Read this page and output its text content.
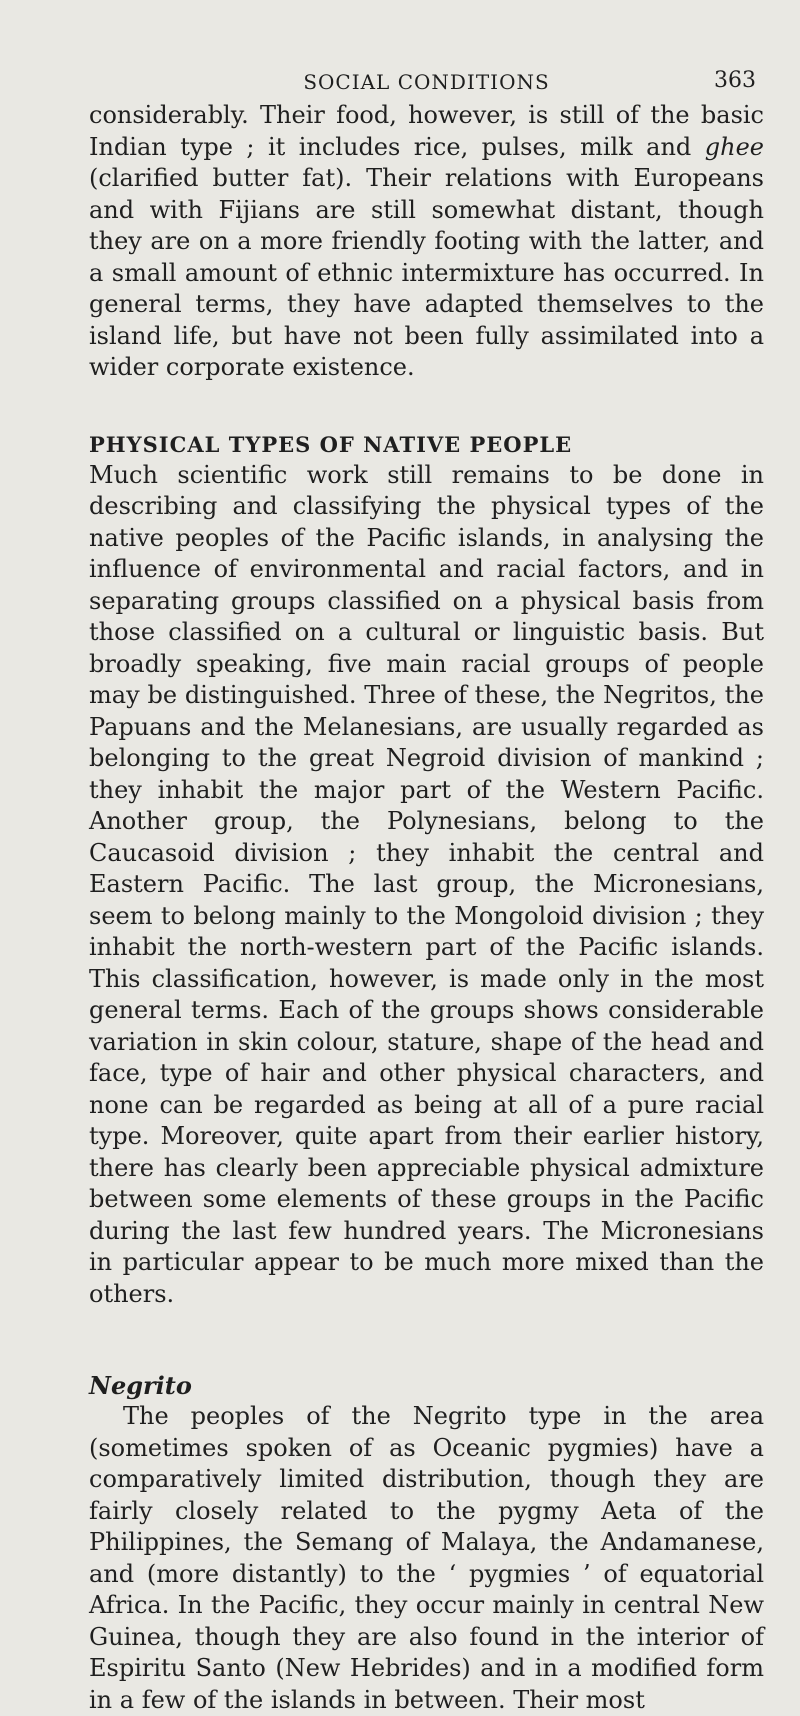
SOCIAL CONDITIONS	363

considerably. Their food, however, is still of the basic Indian type ; it includes rice, pulses, milk and ghee (clarified butter fat). Their relations with Europeans and with Fijians are still somewhat distant, though they are on a more friendly footing with the latter, and a small amount of ethnic intermixture has occurred. In general terms, they have adapted themselves to the island life, but have not been fully assimilated into a wider corporate existence.

PHYSICAL TYPES OF NATIVE PEOPLE

Much scientific work still remains to be done in describing and classifying the physical types of the native peoples of the Pacific islands, in analysing the influence of environmental and racial factors, and in separating groups classified on a physical basis from those classified on a cultural or linguistic basis. But broadly speaking, five main racial groups of people may be distinguished. Three of these, the Negritos, the Papuans and the Melanesians, are usually regarded as belonging to the great Negroid division of mankind ; they inhabit the major part of the Western Pacific. Another group, the Polynesians, belong to the Caucasoid division ; they inhabit the central and Eastern Pacific. The last group, the Micronesians, seem to belong mainly to the Mongoloid division ; they inhabit the north-western part of the Pacific islands. This classification, however, is made only in the most general terms. Each of the groups shows considerable variation in skin colour, stature, shape of the head and face, type of hair and other physical characters, and none can be regarded as being at all of a pure racial type. Moreover, quite apart from their earlier history, there has clearly been appreciable physical admixture between some elements of these groups in the Pacific during the last few hundred years. The Micronesians in particular appear to be much more mixed than the others.

Negrito

The peoples of the Negrito type in the area (sometimes spoken of as Oceanic pygmies) have a comparatively limited distribution, though they are fairly closely related to the pygmy Aeta of the Philippines, the Semang of Malaya, the Andamanese, and (more distantly) to the ‘ pygmies ’ of equatorial Africa. In the Pacific, they occur mainly in central New Guinea, though they are also found in the interior of Espiritu Santo (New Hebrides) and in a modified form in a few of the islands in between. Their most
